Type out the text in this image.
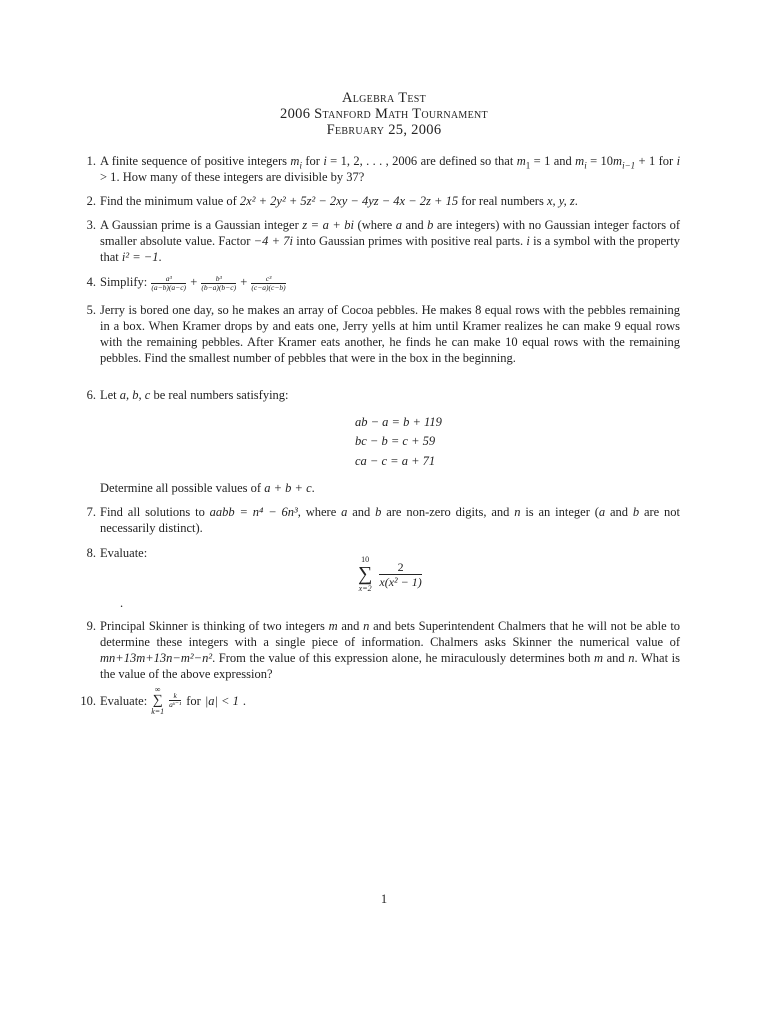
Algebra Test
2006 Stanford Math Tournament
February 25, 2006
1. A finite sequence of positive integers $m_i$ for i = 1, 2, . . . , 2006 are defined so that $m_1 = 1$ and $m_i = 10m_{i-1} + 1$ for i > 1. How many of these integers are divisible by 37?
2. Find the minimum value of 2x² + 2y² + 5z² − 2xy − 4yz − 4x − 2z + 15 for real numbers x, y, z.
3. A Gaussian prime is a Gaussian integer z = a + bi (where a and b are integers) with no Gaussian integer factors of smaller absolute value. Factor −4 + 7i into Gaussian primes with positive real parts. i is a symbol with the property that i² = −1.
4. Simplify: $\frac{\text{a³}}{(a-b)(a-c)} + \frac{\text{b³}}{(b-a)(b-c)} + \frac{\text{c³}}{(c-a)(c-b)}$
5. Jerry is bored one day, so he makes an array of Cocoa pebbles. He makes 8 equal rows with the pebbles remaining in a box. When Kramer drops by and eats one, Jerry yells at him until Kramer realizes he can make 9 equal rows with the remaining pebbles. After Kramer eats another, he finds he can make 10 equal rows with the remaining pebbles. Find the smallest number of pebbles that were in the box in the beginning.
6. Let a, b, c be real numbers satisfying:
ab − a = b + 119
bc − b = c + 59
ca − c = a + 71
Determine all possible values of a + b + c.
7. Find all solutions to aabb = n⁴ − 6n³, where a and b are non-zero digits, and n is an integer (a and b are not necessarily distinct).
8. Evaluate:	10
∑
x=2
$\frac{2}{\text{x(x² − 1)}}$
.
9. Principal Skinner is thinking of two integers m and n and bets Superintendent Chalmers that he will not be able to determine these integers with a single piece of information. Chalmers asks Skinner the numerical value of mn+13m+13n−m²−n². From the value of this expression alone, he miraculously determines both m and n. What is the value of the above expression?
10. Evaluate:
∞
∑
k=1
$\frac{k}{\text{aᵏ⁻¹}}$ for |a| < 1 .
1
